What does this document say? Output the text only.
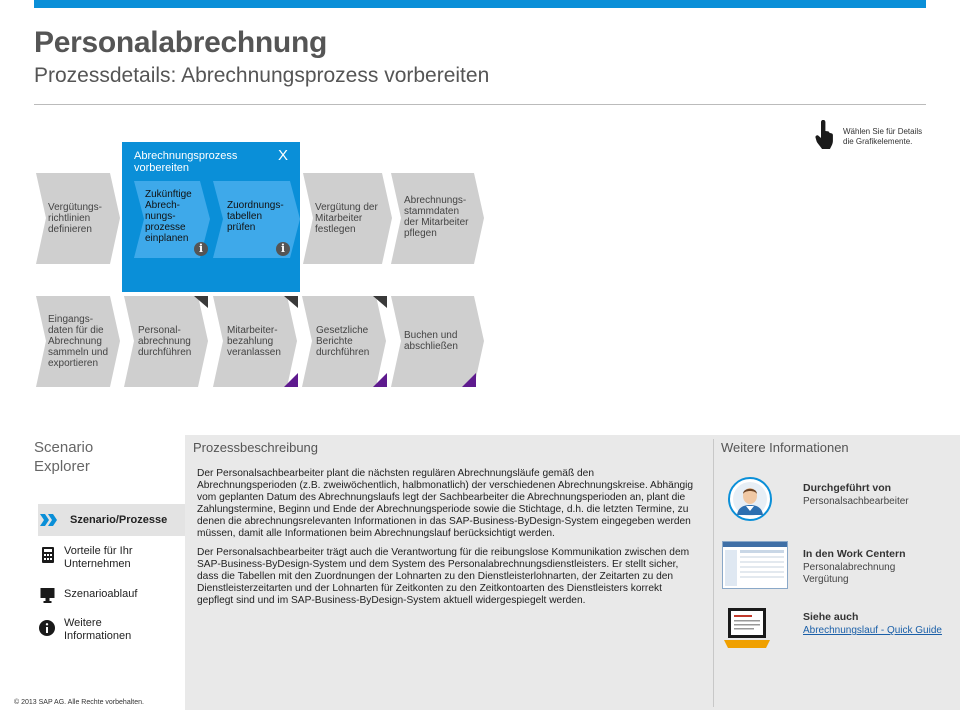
Personalabrechnung
Prozessdetails: Abrechnungsprozess vorbereiten
Wählen Sie für Details
die Grafikelemente.
Abrechnungsprozess
vorbereiten
X
Vergütungs-
richtlinien
definieren
Zukünftige
Abrech-
nungs-
prozesse
einplanen
Zuordnungs-
tabellen
prüfen
Vergütung der
Mitarbeiter
festlegen
Abrechnungs-
stammdaten
der Mitarbeiter
pflegen
i	i
Eingangs-
daten für die
Abrechnung
sammeln und
exportieren
Personal-
abrechnung
durchführen
Mitarbeiter-
bezahlung
veranlassen
Gesetzliche
Berichte
durchführen
Buchen und
abschließen
Scenario
Explorer
Szenario/Prozesse

Vorteile für Ihr
Unternehmen

Szenarioablauf

Weitere
Informationen

Prozessbeschreibung

Der Personalsachbearbeiter plant die nächsten regulären Abrechnungsläufe gemäß den Abrechnungsperioden (z.B. zweiwöchentlich, halbmonatlich) der verschiedenen Abrechnungskreise. Abhängig vom geplanten Datum des Abrechnungslaufs legt der Sachbearbeiter die Abrechnungsperioden an, plant die Zahlungstermine, Beginn und Ende der Abrechnungsperiode sowie die Stichtage, d.h. die letzten Termine, zu denen die abrechnungsrelevanten Informationen in das SAP-Business-ByDesign-System eingegeben werden müssen, damit alle Informationen beim Abrechnungslauf berücksichtigt werden.

Der Personalsachbearbeiter trägt auch die Verantwortung für die reibungslose Kommunikation zwischen dem SAP-Business-ByDesign-System und dem System des Personalabrechnungsdienstleisters. Er stellt sicher, dass die Tabellen mit den Zuordnungen der Lohnarten zu den Dienstleisterlohnarten, der Zeitarten zu den Dienstleisterzeitarten und der Lohnarten für Zeitkonten zu den Zeitkontoarten des Dienstleisters korrekt gepflegt sind und im SAP-Business-ByDesign-System aktuell widergespiegelt werden.

Weitere Informationen
Durchgeführt von
Personalsachbearbeiter
In den Work Centern
Personalabrechnung
Vergütung
Siehe auch
Abrechnungslauf - Quick Guide
© 2013 SAP AG. Alle Rechte vorbehalten.
